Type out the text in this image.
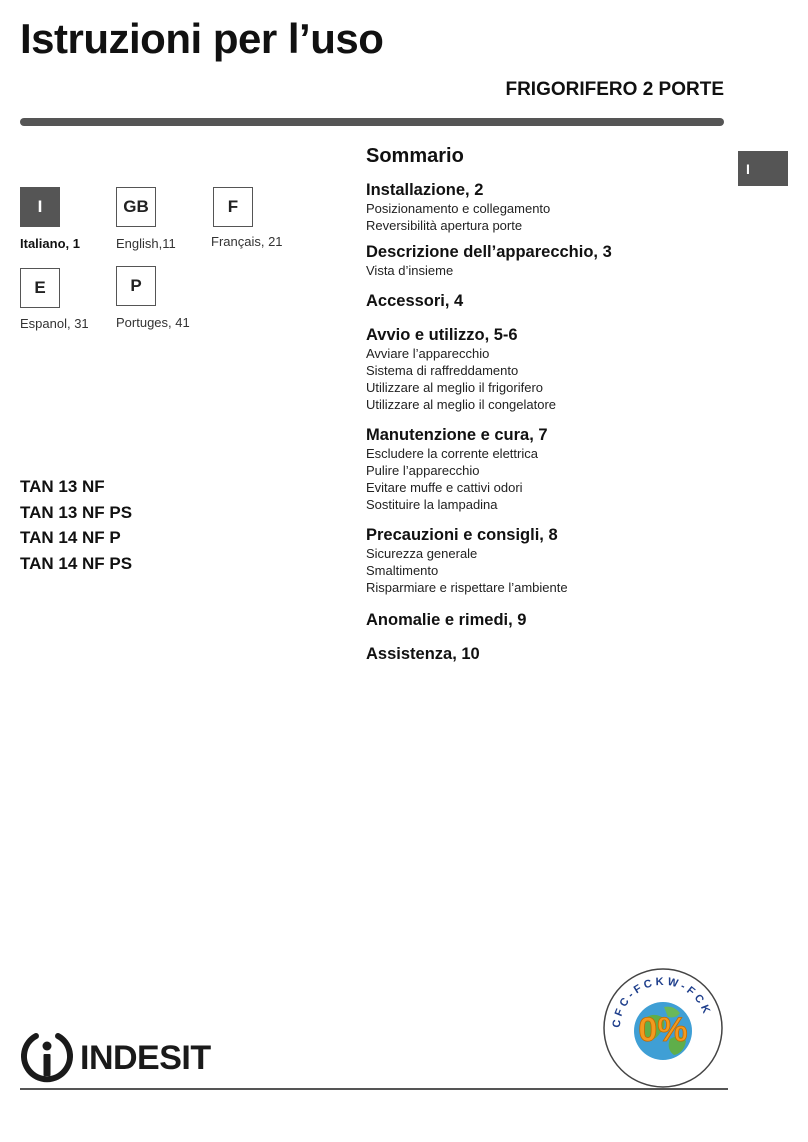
Istruzioni per l’uso
FRIGORIFERO 2 PORTE
I
I
Italiano, 1
GB
English,11
F
Français, 21
E
Espanol, 31
P
Portuges, 41
TAN 13 NF
TAN 13 NF PS
TAN 14 NF P
TAN 14 NF PS
Sommario
Installazione, 2
Posizionamento e collegamento
Reversibilità apertura porte
Descrizione dell’apparecchio, 3
Vista d’insieme
Accessori, 4
Avvio e utilizzo, 5-6
Avviare l’apparecchio
Sistema di raffreddamento
Utilizzare al meglio il frigorifero
Utilizzare al meglio il congelatore
Manutenzione e cura, 7
Escludere la corrente elettrica
Pulire l’apparecchio
Evitare muffe e cattivi odori
Sostituire la lampadina
Precauzioni e consigli, 8
Sicurezza generale
Smaltimento
Risparmiare e rispettare l’ambiente
Anomalie e rimedi, 9
Assistenza, 10
INDESIT
CFC-FCKW-FCK
0%
